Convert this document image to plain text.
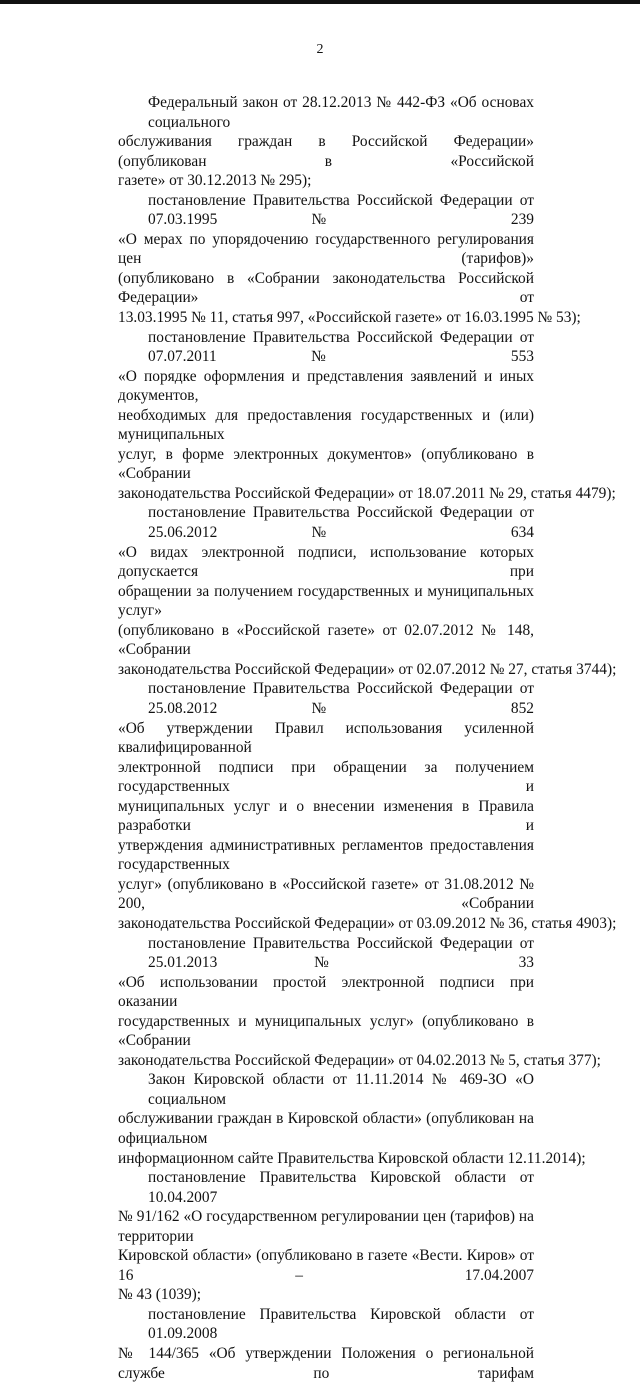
2
Федеральный закон от 28.12.2013 № 442-ФЗ «Об основах социального
обслуживания граждан в Российской Федерации» (опубликован в «Российской
газете» от 30.12.2013 № 295);
постановление Правительства Российской Федерации от 07.03.1995 № 239
«О мерах по упорядочению государственного регулирования цен (тарифов)»
(опубликовано в «Собрании законодательства Российской Федерации» от
13.03.1995 № 11, статья 997, «Российской газете» от 16.03.1995 № 53);
постановление Правительства Российской Федерации от 07.07.2011 № 553
«О порядке оформления и представления заявлений и иных документов,
необходимых для предоставления государственных и (или) муниципальных
услуг, в форме электронных документов» (опубликовано в «Собрании
законодательства Российской Федерации» от 18.07.2011 № 29, статья 4479);
постановление Правительства Российской Федерации от 25.06.2012 № 634
«О видах электронной подписи, использование которых допускается при
обращении за получением государственных и муниципальных услуг»
(опубликовано в «Российской газете» от 02.07.2012 № 148, «Собрании
законодательства Российской Федерации» от 02.07.2012 № 27, статья 3744);
постановление Правительства Российской Федерации от 25.08.2012 № 852
«Об утверждении Правил использования усиленной квалифицированной
электронной подписи при обращении за получением государственных и
муниципальных услуг и о внесении изменения в Правила разработки и
утверждения административных регламентов предоставления государственных
услуг» (опубликовано в «Российской газете» от 31.08.2012 № 200, «Собрании
законодательства Российской Федерации» от 03.09.2012 № 36, статья 4903);
постановление Правительства Российской Федерации от 25.01.2013 № 33
«Об использовании простой электронной подписи при оказании
государственных и муниципальных услуг» (опубликовано в «Собрании
законодательства Российской Федерации» от 04.02.2013 № 5, статья 377);
Закон Кировской области от 11.11.2014 № 469-ЗО «О социальном
обслуживании граждан в Кировской области» (опубликован на официальном
информационном сайте Правительства Кировской области 12.11.2014);
постановление Правительства Кировской области от 10.04.2007
№ 91/162 «О государственном регулировании цен (тарифов) на территории
Кировской области» (опубликовано в газете «Вести. Киров» от 16 – 17.04.2007
№ 43 (1039);
постановление Правительства Кировской области от 01.09.2008
№ 144/365 «Об утверждении Положения о региональной службе по тарифам
